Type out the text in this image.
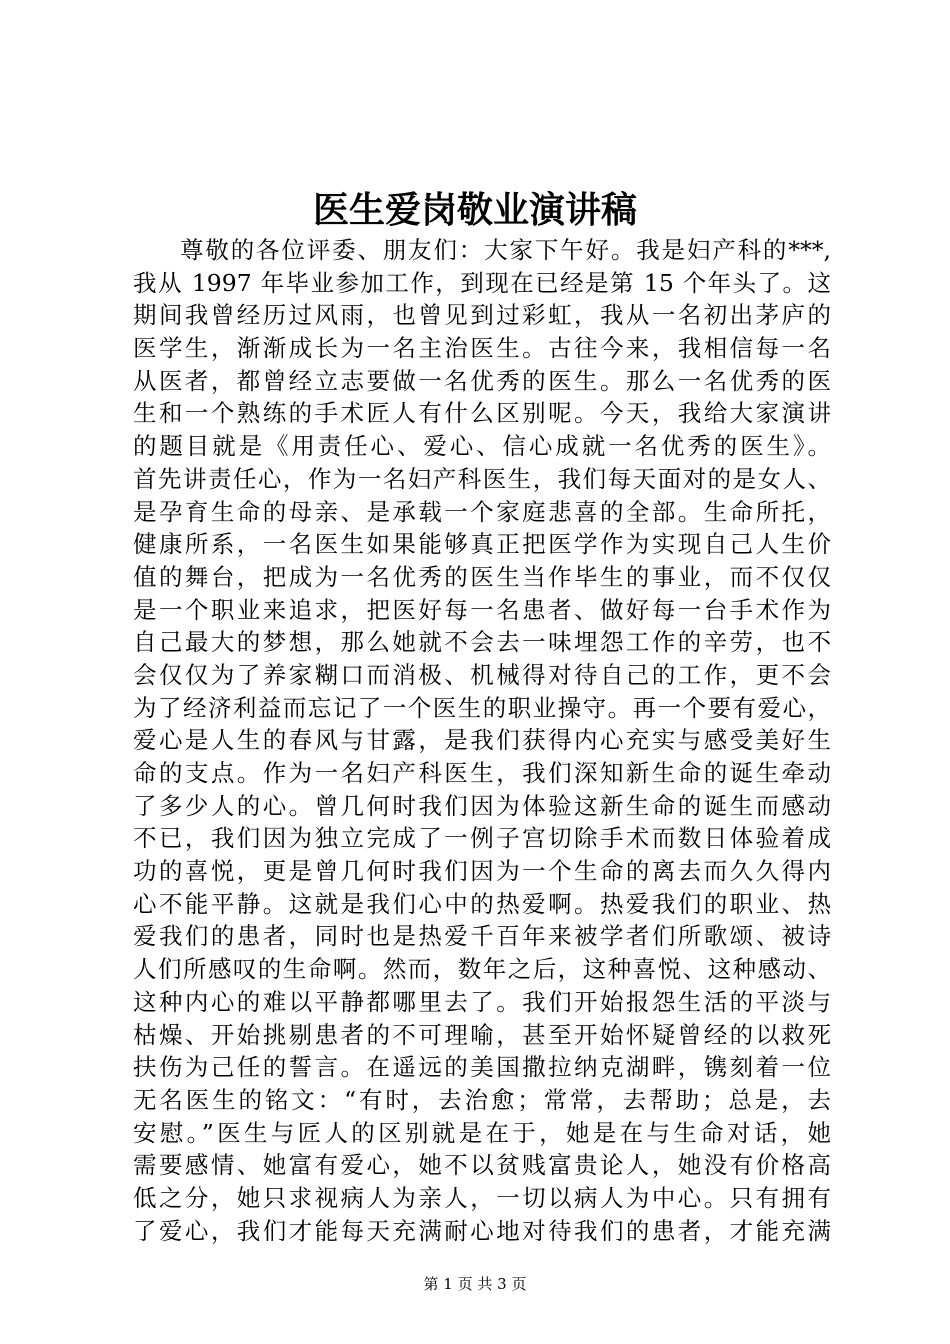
医生爱岗敬业演讲稿
尊敬的各位评委、朋友们：大家下午好。我是妇产科的***,
我从 1997 年毕业参加工作，到现在已经是第 15 个年头了。这
期间我曾经历过风雨，也曾见到过彩虹，我从一名初出茅庐的
医学生，渐渐成长为一名主治医生。古往今来，我相信每一名
从医者，都曾经立志要做一名优秀的医生。那么一名优秀的医
生和一个熟练的手术匠人有什么区别呢。今天，我给大家演讲
的题目就是《用责任心、爱心、信心成就一名优秀的医生》。
首先讲责任心，作为一名妇产科医生，我们每天面对的是女人、
是孕育生命的母亲、是承载一个家庭悲喜的全部。生命所托，
健康所系，一名医生如果能够真正把医学作为实现自己人生价
值的舞台，把成为一名优秀的医生当作毕生的事业，而不仅仅
是一个职业来追求，把医好每一名患者、做好每一台手术作为
自己最大的梦想，那么她就不会去一味埋怨工作的辛劳，也不
会仅仅为了养家糊口而消极、机械得对待自己的工作，更不会
为了经济利益而忘记了一个医生的职业操守。再一个要有爱心，
爱心是人生的春风与甘露，是我们获得内心充实与感受美好生
命的支点。作为一名妇产科医生，我们深知新生命的诞生牵动
了多少人的心。曾几何时我们因为体验这新生命的诞生而感动
不已，我们因为独立完成了一例子宫切除手术而数日体验着成
功的喜悦，更是曾几何时我们因为一个生命的离去而久久得内
心不能平静。这就是我们心中的热爱啊。热爱我们的职业、热
爱我们的患者，同时也是热爱千百年来被学者们所歌颂、被诗
人们所感叹的生命啊。然而，数年之后，这种喜悦、这种感动、
这种内心的难以平静都哪里去了。我们开始报怨生活的平淡与
枯燥、开始挑剔患者的不可理喻，甚至开始怀疑曾经的以救死
扶伤为己任的誓言。在遥远的美国撒拉纳克湖畔，镌刻着一位
无名医生的铭文：“有时，去治愈；常常，去帮助；总是，去
安慰。”医生与匠人的区别就是在于，她是在与生命对话，她
需要感情、她富有爱心，她不以贫贱富贵论人，她没有价格高
低之分，她只求视病人为亲人，一切以病人为中心。只有拥有
了爱心，我们才能每天充满耐心地对待我们的患者，才能充满
第 1 页 共 3 页
